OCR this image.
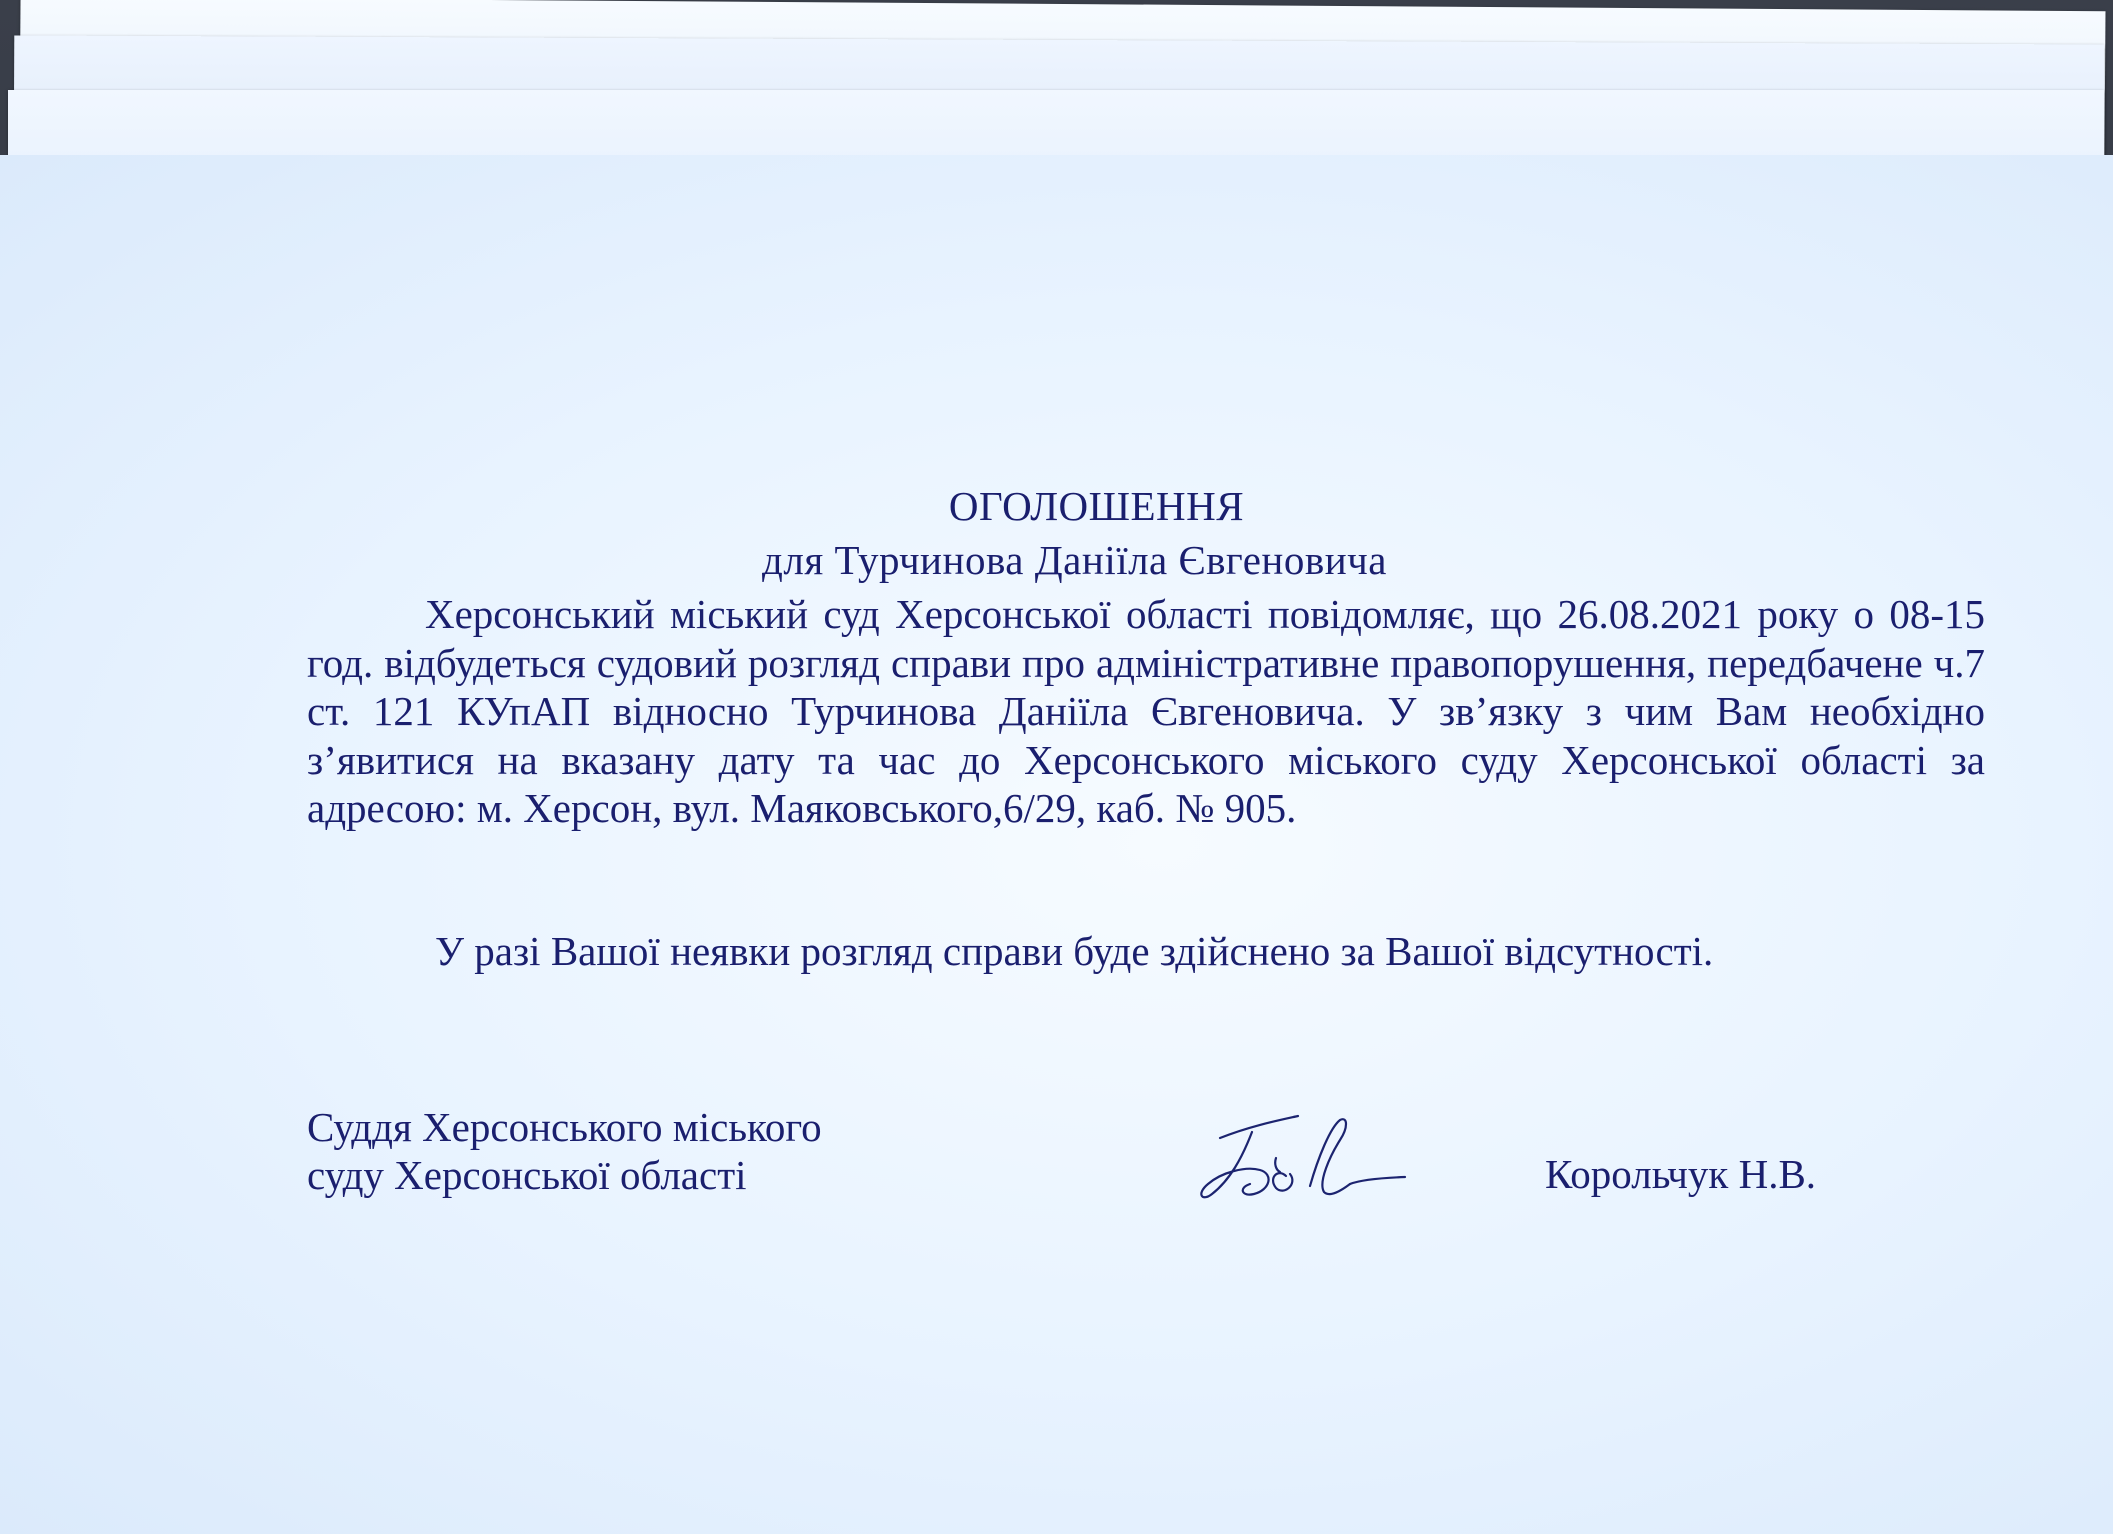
ОГОЛОШЕННЯ

для Турчинова Даніїла Євгеновича

Херсонський міський суд Херсонської області повідомляє, що 26.08.2021 року о 08-15 год. відбудеться судовий розгляд справи про адміністративне правопорушення, передбачене ч.7 ст. 121 КУпАП відносно Турчинова Даніїла Євгеновича. У зв’язку з чим Вам необхідно з’явитися на вказану дату та час до Херсонського міського суду Херсонської області за адресою: м. Херсон, вул. Маяковського,6/29, каб. № 905.

У разі Вашої неявки розгляд справи буде здійснено за Вашої відсутності.

Суддя Херсонського міського
суду Херсонської області	Корольчук Н.В.
